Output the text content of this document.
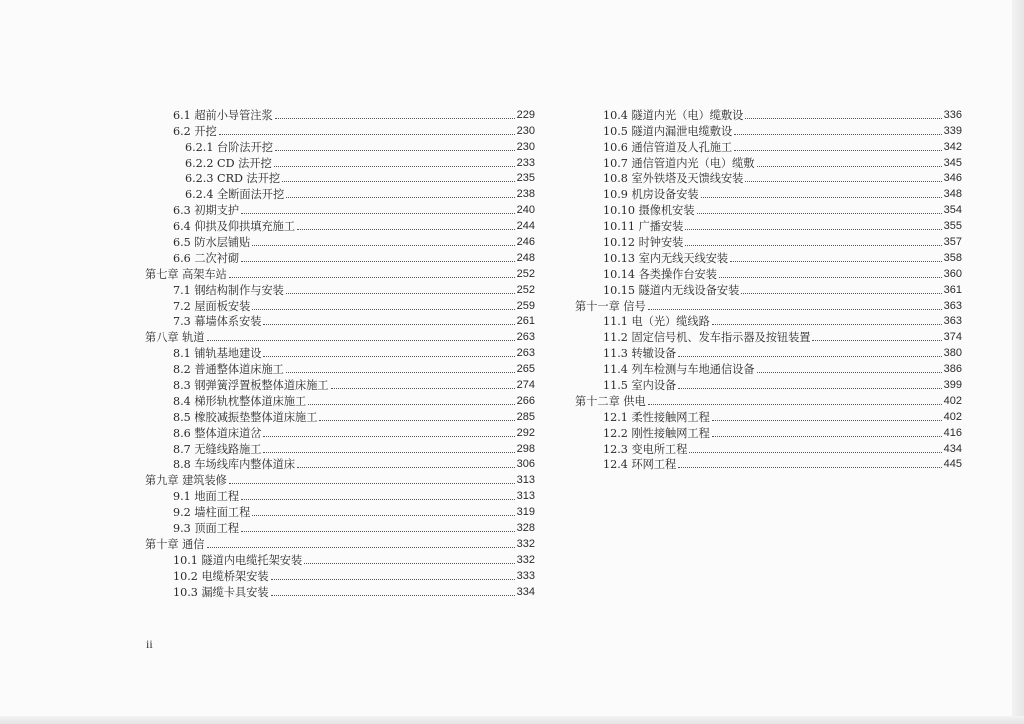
6.1 超前小导管注浆	229
6.2 开挖	230
6.2.1 台阶法开挖	230
6.2.2 CD 法开挖	233
6.2.3 CRD 法开挖	235
6.2.4 全断面法开挖	238
6.3 初期支护	240
6.4 仰拱及仰拱填充施工	244
6.5 防水层铺贴	246
6.6 二次衬砌	248
第七章 高架车站	252
7.1 钢结构制作与安装	252
7.2 屋面板安装	259
7.3 幕墙体系安装	261
第八章 轨道	263
8.1 铺轨基地建设	263
8.2 普通整体道床施工	265
8.3 钢弹簧浮置板整体道床施工	274
8.4 梯形轨枕整体道床施工	266
8.5 橡胶减振垫整体道床施工	285
8.6 整体道床道岔	292
8.7 无缝线路施工	298
8.8 车场线库内整体道床	306
第九章 建筑装修	313
9.1 地面工程	313
9.2 墙柱面工程	319
9.3 顶面工程	328
第十章 通信	332
10.1 隧道内电缆托架安装	332
10.2 电缆桥架安装	333
10.3 漏缆卡具安装	334
10.4 隧道内光（电）缆敷设	336
10.5 隧道内漏泄电缆敷设	339
10.6 通信管道及人孔施工	342
10.7 通信管道内光（电）缆敷	345
10.8 室外铁塔及天馈线安装	346
10.9 机房设备安装	348
10.10 摄像机安装	354
10.11 广播安装	355
10.12 时钟安装	357
10.13 室内无线天线安装	358
10.14 各类操作台安装	360
10.15 隧道内无线设备安装	361
第十一章 信号	363
11.1 电（光）缆线路	363
11.2 固定信号机、发车指示器及按钮装置	374
11.3 转辙设备	380
11.4 列车检测与车地通信设备	386
11.5 室内设备	399
第十二章 供电	402
12.1 柔性接触网工程	402
12.2 刚性接触网工程	416
12.3 变电所工程	434
12.4 环网工程	445
ii
